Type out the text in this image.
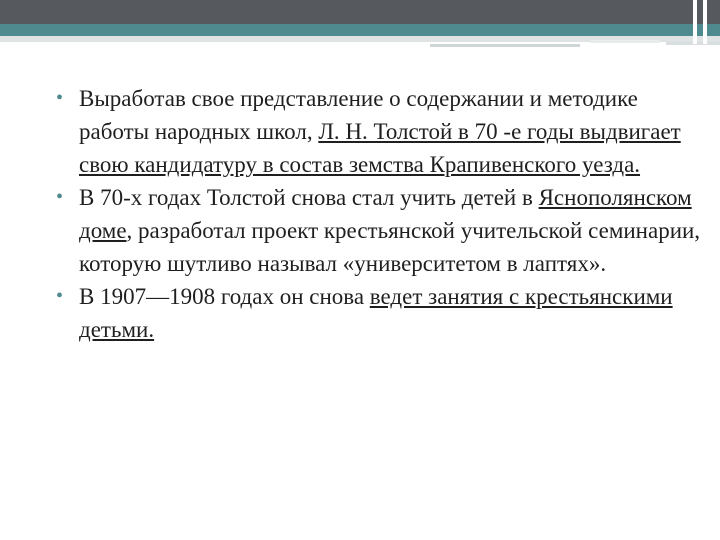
• Выработав свое представление о содержании и методике работы народных школ, Л. Н. Толстой в 70 -е годы выдвигает свою кандидатуру в состав земства Крапивенского уезда.

• В 70-х годах Толстой снова стал учить детей в Яснополянском доме, разработал проект крестьянской учительской семинарии, которую шутливо называл «университетом в лаптях».

• В 1907—1908 годах он снова ведет занятия с крестьянскими детьми.
